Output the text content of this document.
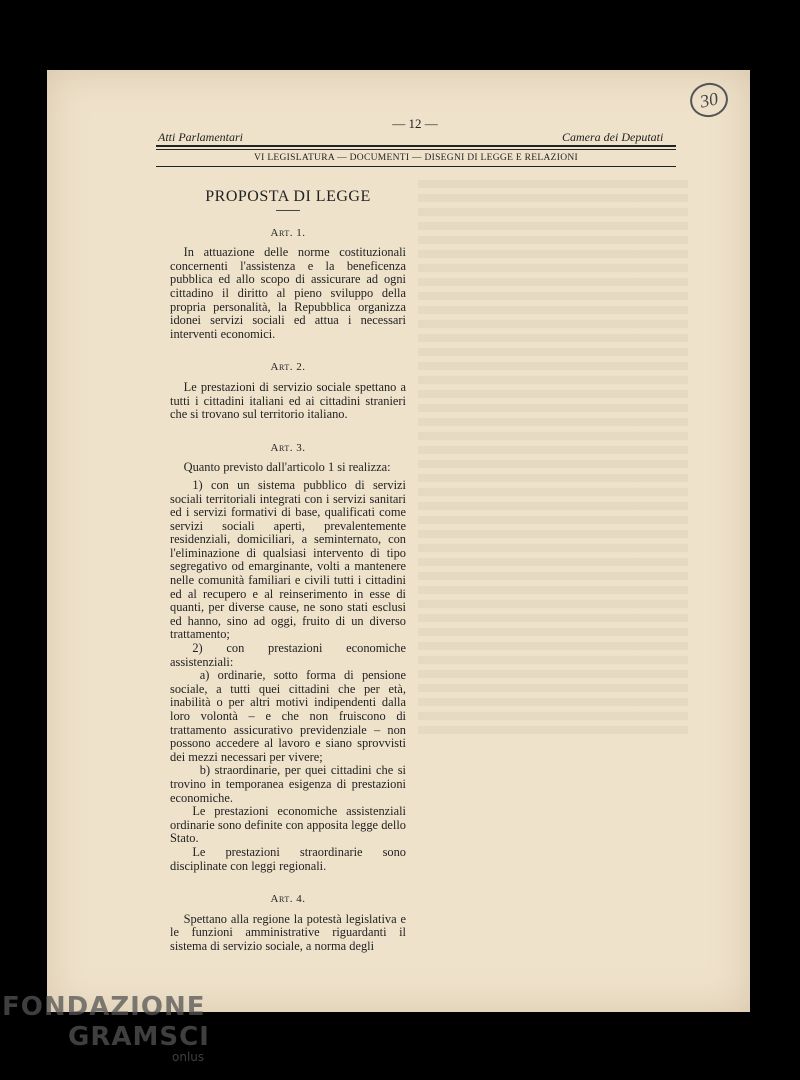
30
— 12 —
Atti Parlamentari	Camera dei Deputati
VI LEGISLATURA — DOCUMENTI — DISEGNI DI LEGGE E RELAZIONI
PROPOSTA DI LEGGE
Art. 1.

In attuazione delle norme costituzionali concernenti l'assistenza e la beneficenza pubblica ed allo scopo di assicurare ad ogni cittadino il diritto al pieno sviluppo della propria personalità, la Repubblica organizza idonei servizi sociali ed attua i necessari interventi economici.

Art. 2.

Le prestazioni di servizio sociale spettano a tutti i cittadini italiani ed ai cittadini stranieri che si trovano sul territorio italiano.

Art. 3.

Quanto previsto dall'articolo 1 si realizza:

1) con un sistema pubblico di servizi sociali territoriali integrati con i servizi sanitari ed i servizi formativi di base, qualificati come servizi sociali aperti, prevalentemente residenziali, domiciliari, a seminternato, con l'eliminazione di qualsiasi intervento di tipo segregativo od emarginante, volti a mantenere nelle comunità familiari e civili tutti i cittadini ed al recupero e al reinserimento in esse di quanti, per diverse cause, ne sono stati esclusi ed hanno, sino ad oggi, fruito di un diverso trattamento;

2) con prestazioni economiche assistenziali:

a) ordinarie, sotto forma di pensione sociale, a tutti quei cittadini che per età, inabilità o per altri motivi indipendenti dalla loro volontà – e che non fruiscono di trattamento assicurativo previdenziale – non possono accedere al lavoro e siano sprovvisti dei mezzi necessari per vivere;

b) straordinarie, per quei cittadini che si trovino in temporanea esigenza di prestazioni economiche.

Le prestazioni economiche assistenziali ordinarie sono definite con apposita legge dello Stato.

Le prestazioni straordinarie sono disciplinate con leggi regionali.

Art. 4.

Spettano alla regione la potestà legislativa e le funzioni amministrative riguardanti il sistema di servizio sociale, a norma degli

FONDAZIONE
GRAMSCI
onlus
